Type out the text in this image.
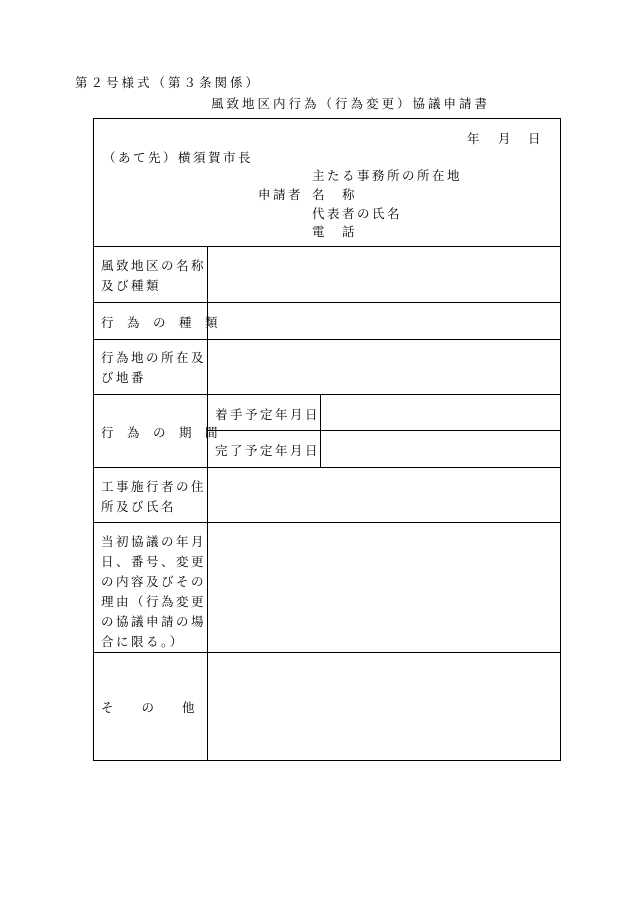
第２号様式（第３条関係）
風致地区内行為（行為変更）協議申請書
年 月 日
（あて先）横須賀市長
主たる事務所の所在地
申請者 名　称
代表者の氏名
電　話
風致地区の名称
及び種類
行　為　の　種　類
行為地の所在及
び地番
行　為　の　期　間
着手予定年月日
完了予定年月日
工事施行者の住
所及び氏名
当初協議の年月
日、番号、変更
の内容及びその
理由（行為変更
の協議申請の場
合に限る。）
そ　　の　　他
